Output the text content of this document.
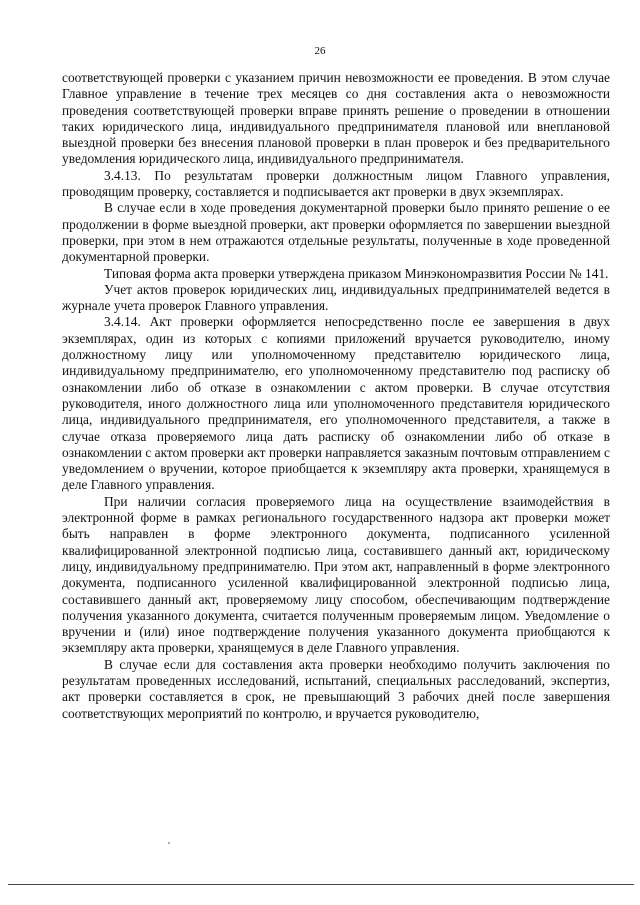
26

соответствующей проверки с указанием причин невозможности ее проведения. В этом случае Главное управление в течение трех месяцев со дня составления акта о невозможности проведения соответствующей проверки вправе принять решение о проведении в отношении таких юридического лица, индивидуального предпринимателя плановой или внеплановой выездной проверки без внесения плановой проверки в план проверок и без предварительного уведомления юридического лица, индивидуального предпринимателя.

3.4.13. По результатам проверки должностным лицом Главного управления, проводящим проверку, составляется и подписывается акт проверки в двух экземплярах.

В случае если в ходе проведения документарной проверки было принято решение о ее продолжении в форме выездной проверки, акт проверки оформляется по завершении выездной проверки, при этом в нем отражаются отдельные результаты, полученные в ходе проведенной документарной проверки.

Типовая форма акта проверки утверждена приказом Минэкономразвития России № 141.

Учет актов проверок юридических лиц, индивидуальных предпринимателей ведется в журнале учета проверок Главного управления.

3.4.14. Акт проверки оформляется непосредственно после ее завершения в двух экземплярах, один из которых с копиями приложений вручается руководителю, иному должностному лицу или уполномоченному представителю юридического лица, индивидуальному предпринимателю, его уполномоченному представителю под расписку об ознакомлении либо об отказе в ознакомлении с актом проверки. В случае отсутствия руководителя, иного должностного лица или уполномоченного представителя юридического лица, индивидуального предпринимателя, его уполномоченного представителя, а также в случае отказа проверяемого лица дать расписку об ознакомлении либо об отказе в ознакомлении с актом проверки акт проверки направляется заказным почтовым отправлением с уведомлением о вручении, которое приобщается к экземпляру акта проверки, хранящемуся в деле Главного управления.

При наличии согласия проверяемого лица на осуществление взаимодействия в электронной форме в рамках регионального государственного надзора акт проверки может быть направлен в форме электронного документа, подписанного усиленной квалифицированной электронной подписью лица, составившего данный акт, юридическому лицу, индивидуальному предпринимателю. При этом акт, направленный в форме электронного документа, подписанного усиленной квалифицированной электронной подписью лица, составившего данный акт, проверяемому лицу способом, обеспечивающим подтверждение получения указанного документа, считается полученным проверяемым лицом. Уведомление о вручении и (или) иное подтверждение получения указанного документа приобщаются к экземпляру акта проверки, хранящемуся в деле Главного управления.

В случае если для составления акта проверки необходимо получить заключения по результатам проведенных исследований, испытаний, специальных расследований, экспертиз, акт проверки составляется в срок, не превышающий 3 рабочих дней после завершения соответствующих мероприятий по контролю, и вручается руководителю,
